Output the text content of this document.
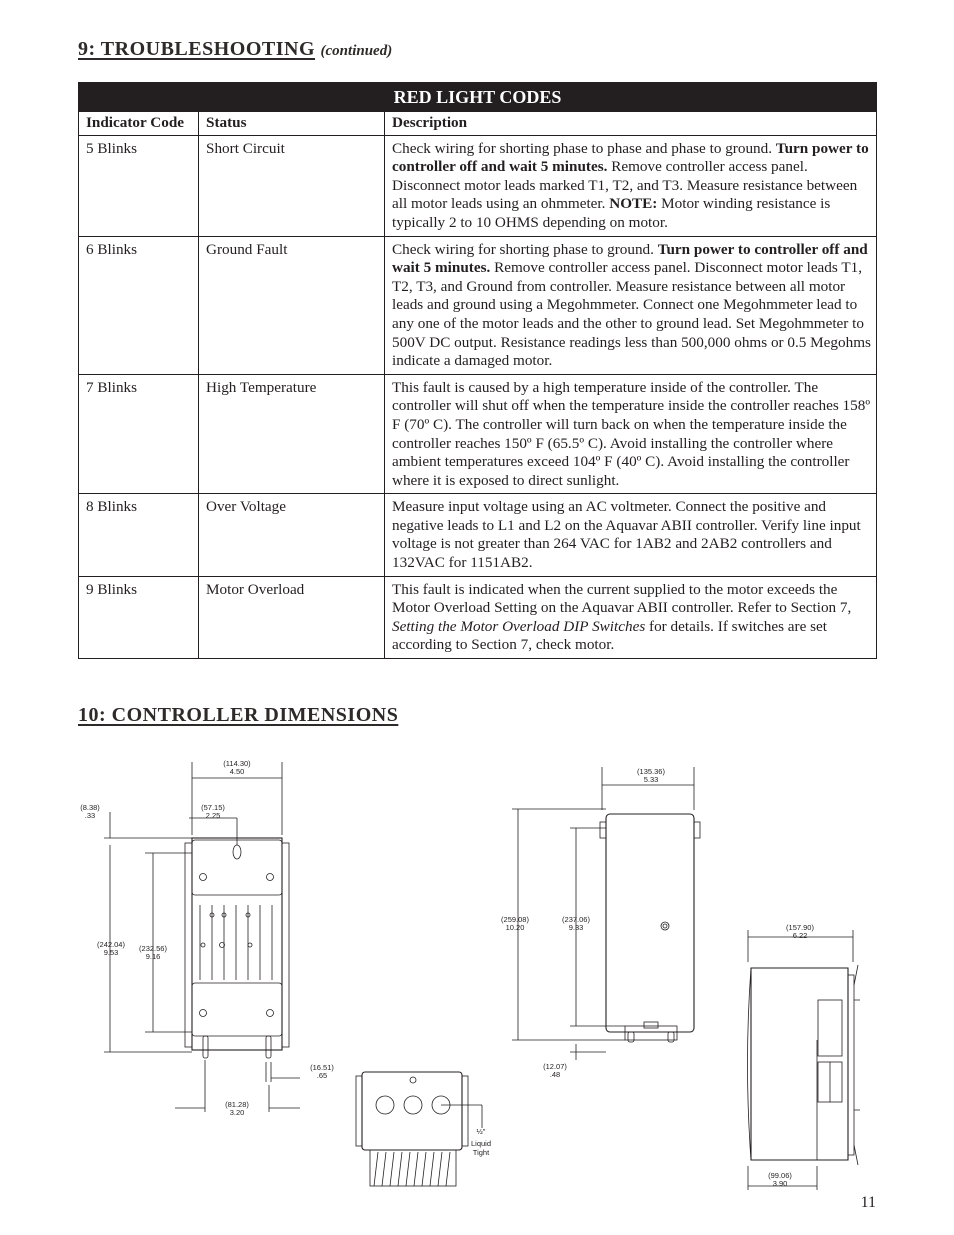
9: TROUBLESHOOTING (continued)
RED LIGHT CODES		
Indicator Code	Status	Description
5 Blinks	Short Circuit	Check wiring for shorting phase to phase and phase to ground. Turn power to controller off and wait 5 minutes. Remove controller access panel. Disconnect motor leads marked T1, T2, and T3. Measure resistance between all motor leads using an ohmmeter. NOTE: Motor winding resistance is typically 2 to 10 OHMS depending on motor.
6 Blinks	Ground Fault	Check wiring for shorting phase to ground. Turn power to controller off and wait 5 minutes. Remove controller access panel. Disconnect motor leads T1, T2, T3, and Ground from controller. Measure resistance between all motor leads and ground using a Megohmmeter. Connect one Megohmmeter lead to any one of the motor leads and the other to ground lead. Set Megohmmeter to 500V DC output. Resistance readings less than 500,000 ohms or 0.5 Megohms indicate a damaged motor.
7 Blinks	High Temperature	This fault is caused by a high temperature inside of the controller. The controller will shut off when the temperature inside the controller reaches 158º F (70º C). The controller will turn back on when the temperature inside the controller reaches 150º F (65.5º C). Avoid installing the controller where ambient temperatures exceed 104º F (40º C). Avoid installing the controller where it is exposed to direct sunlight.
8 Blinks	Over Voltage	Measure input voltage using an AC voltmeter. Connect the positive and negative leads to L1 and L2 on the Aquavar ABII controller. Verify line input voltage is not greater than 264 VAC for 1AB2 and 2AB2 controllers and 132VAC for 1151AB2.
9 Blinks	Motor Overload	This fault is indicated when the current supplied to the motor exceeds the Motor Overload Setting on the Aquavar ABII controller. Refer to Section 7, Setting the Motor Overload DIP Switches for details. If switches are set according to Section 7, check motor.
10: CONTROLLER DIMENSIONS
(114.30)
4.50
(57.15)
2.25
(8.38)
.33
(242.04)
9.53	(232.56)
9.16
(16.51)
.65
(81.28)
3.20
½"
Liquid
Tight
(135.36)
5.33
(259.08)
10.20
(237.06)
9.33
(12.07)
.48
(157.90)
6.22
(99.06)
3.90
11
